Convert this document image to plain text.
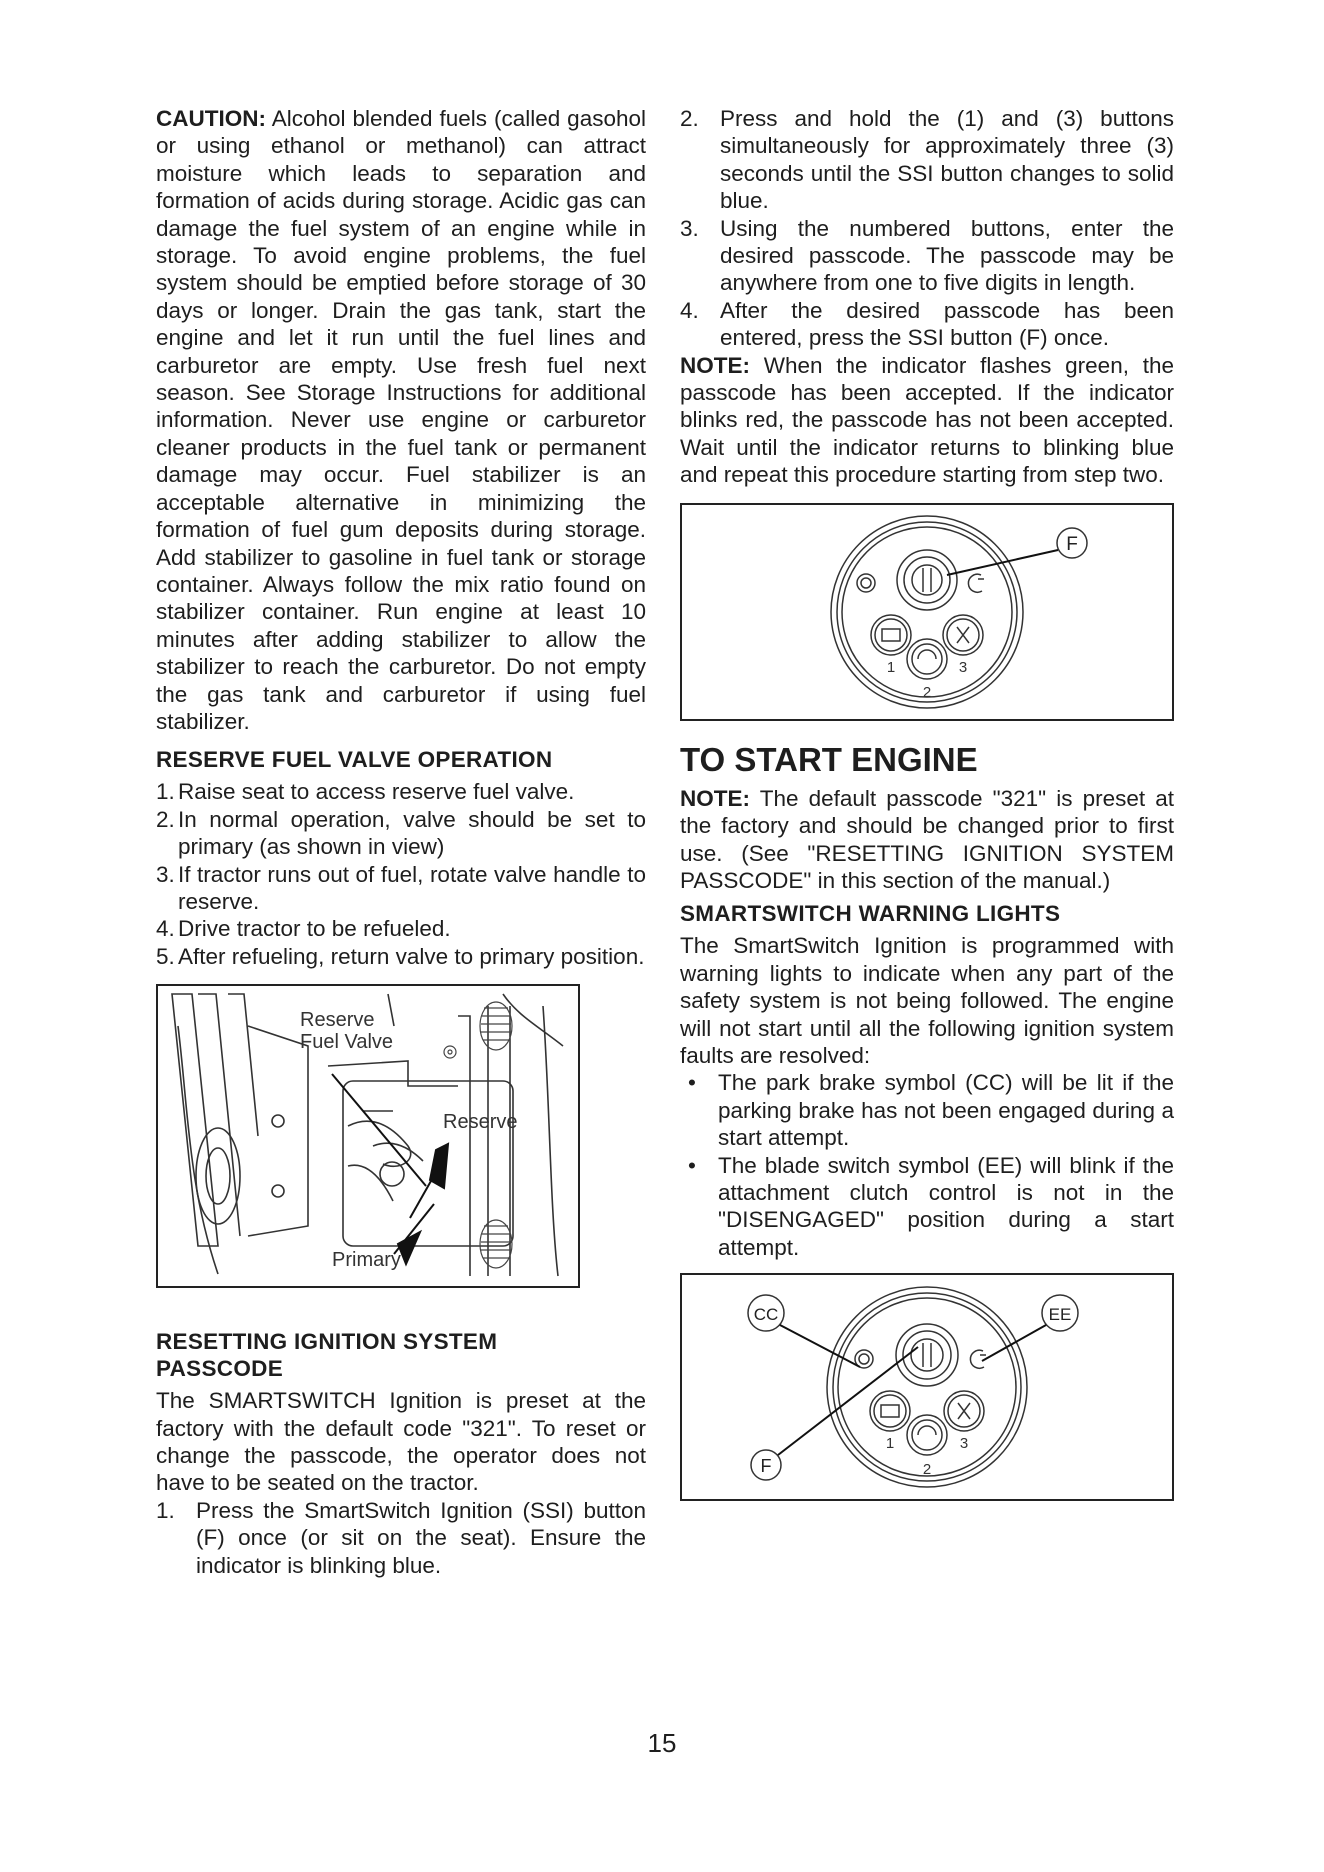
CAUTION: Alcohol blended fuels (called gasohol or using ethanol or methanol) can attract moisture which leads to separation and formation of acids during storage. Acidic gas can damage the fuel system of an engine while in storage. To avoid engine problems, the fuel system should be emptied before storage of 30 days or longer. Drain the gas tank, start the engine and let it run until the fuel lines and carburetor are empty. Use fresh fuel next season. See Storage Instructions for additional information. Never use engine or carburetor cleaner products in the fuel tank or permanent damage may occur. Fuel stabilizer is an acceptable alternative in minimizing the formation of fuel gum deposits during storage. Add stabilizer to gasoline in fuel tank or storage container. Always follow the mix ratio found on stabilizer container. Run engine at least 10 minutes after adding stabilizer to allow the stabilizer to reach the carburetor. Do not empty the gas tank and carburetor if using fuel stabilizer.

RESERVE FUEL VALVE OPERATION
1. Raise seat to access reserve fuel valve.
2. In normal operation, valve should be set to primary (as shown in view)
3. If tractor runs out of fuel, rotate valve handle to reserve.
4. Drive tractor to be refueled.
5. After refueling, return valve to primary position.
Reserve
Fuel Valve
Reserve
Primary
RESETTING IGNITION SYSTEM
PASSCODE

The SMARTSWITCH Ignition is preset at the factory with the default code "321". To reset or change the passcode, the operator does not have to be seated on the tractor.

1. Press the SmartSwitch Ignition (SSI) button (F) once (or sit on the seat). Ensure the indicator is blinking blue.
2. Press and hold the (1) and (3) buttons simultaneously for approximately three (3) seconds until the SSI button changes to solid blue.
3. Using the numbered buttons, enter the desired passcode. The passcode may be anywhere from one to five digits in length.
4. After the desired passcode has been entered, press the SSI button (F) once.

NOTE: When the indicator flashes green, the passcode has been accepted. If the indicator blinks red, the passcode has not been accepted. Wait until the indicator returns to blinking blue and repeat this procedure starting from step two.

F
1
2
3
TO START ENGINE

NOTE: The default passcode "321" is preset at the factory and should be changed prior to first use. (See "RESETTING IGNITION SYSTEM PASSCODE" in this section of the manual.)

SMARTSWITCH WARNING LIGHTS

The SmartSwitch Ignition is programmed with warning lights to indicate when any part of the safety system is not being followed. The engine will not start until all the following ignition system faults are resolved:

• The park brake symbol (CC) will be lit if the parking brake has not been engaged during a start attempt.
• The blade switch symbol (EE) will blink if the attachment clutch control is not in the "DISENGAGED" position during a start attempt.
CC	EE
F
1
2
3
15
